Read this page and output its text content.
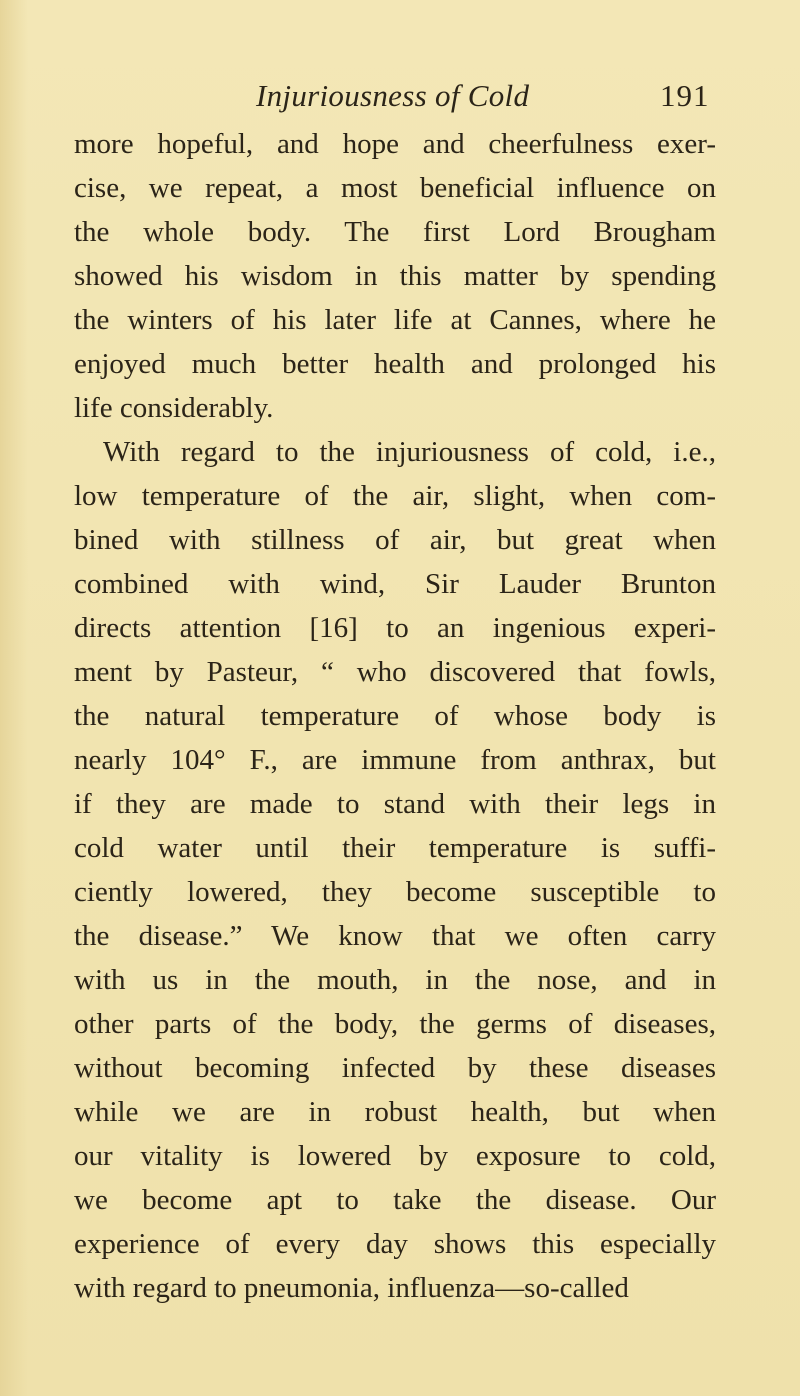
Injuriousness of Cold	191
more hopeful, and hope and cheerfulness exer-
cise, we repeat, a most beneficial influence on
the whole body. The first Lord Brougham
showed his wisdom in this matter by spending
the winters of his later life at Cannes, where he
enjoyed much better health and prolonged his
life considerably.
With regard to the injuriousness of cold, i.e.,
low temperature of the air, slight, when com-
bined with stillness of air, but great when
combined with wind, Sir Lauder Brunton
directs attention [16] to an ingenious experi-
ment by Pasteur, “ who discovered that fowls,
the natural temperature of whose body is
nearly 104° F., are immune from anthrax, but
if they are made to stand with their legs in
cold water until their temperature is suffi-
ciently lowered, they become susceptible to
the disease.” We know that we often carry
with us in the mouth, in the nose, and in
other parts of the body, the germs of diseases,
without becoming infected by these diseases
while we are in robust health, but when
our vitality is lowered by exposure to cold,
we become apt to take the disease. Our
experience of every day shows this especially
with regard to pneumonia, influenza—so-called
